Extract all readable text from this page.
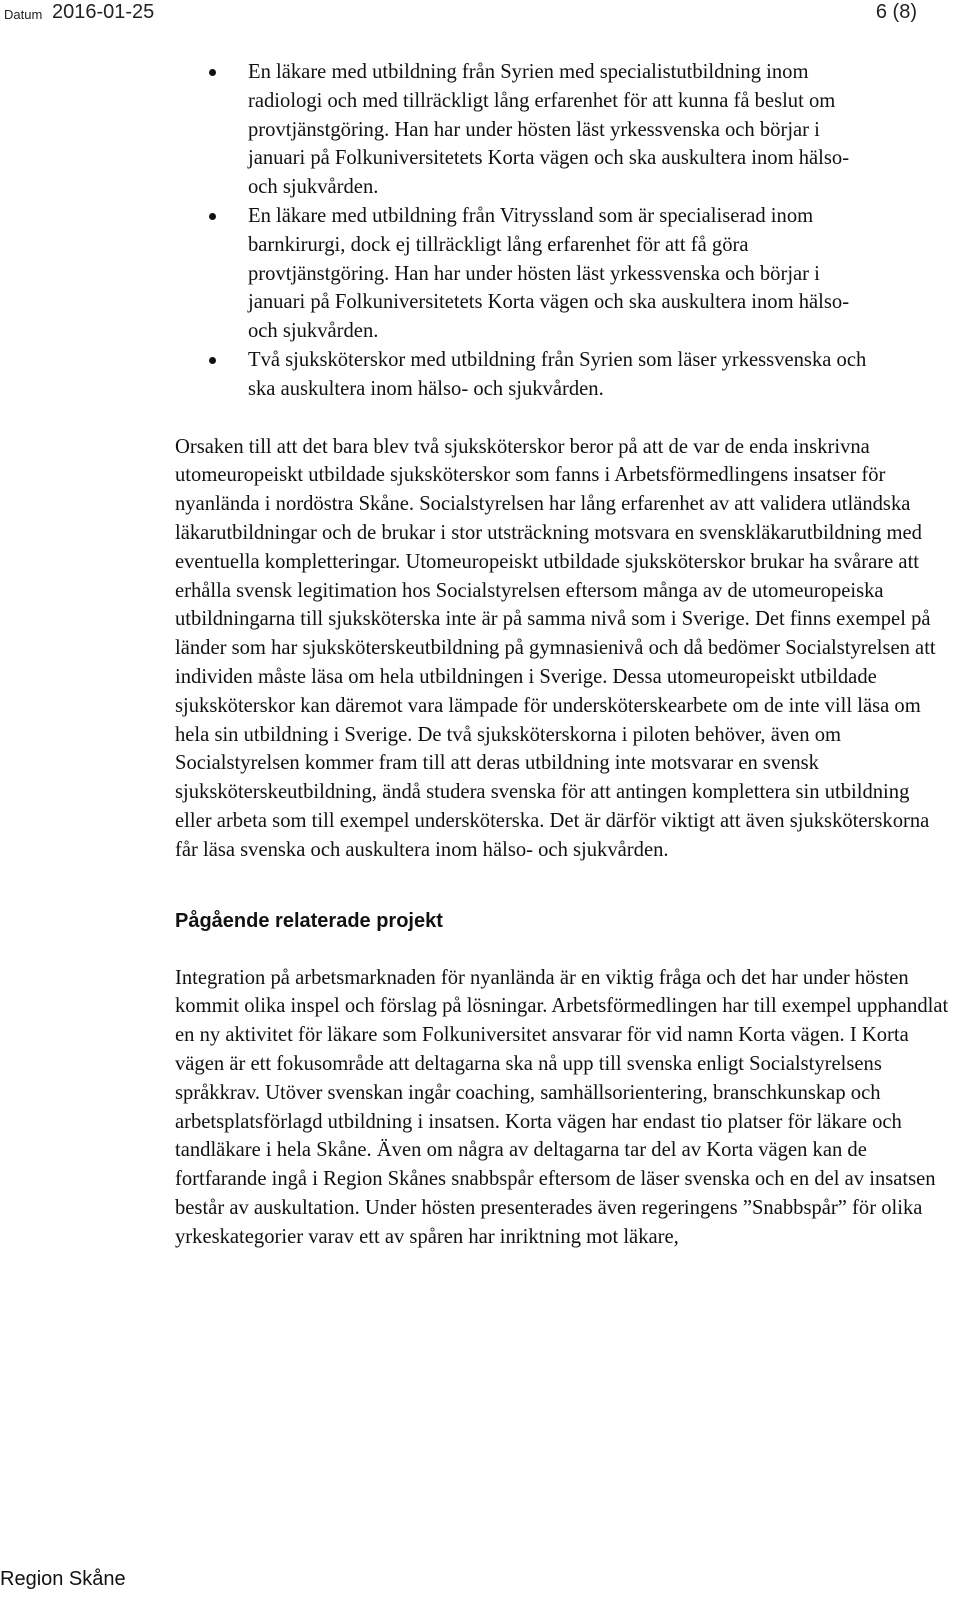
Datum 2016-01-25	6 (8)
En läkare med utbildning från Syrien med specialistutbildning inom radiologi och med tillräckligt lång erfarenhet för att kunna få beslut om provtjänstgöring. Han har under hösten läst yrkessvenska och börjar i januari på Folkuniversitetets Korta vägen och ska auskultera inom hälso- och sjukvården.
En läkare med utbildning från Vitryssland som är specialiserad inom barnkirurgi, dock ej tillräckligt lång erfarenhet för att få göra provtjänstgöring. Han har under hösten läst yrkessvenska och börjar i januari på Folkuniversitetets Korta vägen och ska auskultera inom hälso- och sjukvården.
Två sjuksköterskor med utbildning från Syrien som läser yrkessvenska och ska auskultera inom hälso- och sjukvården.

Orsaken till att det bara blev två sjuksköterskor beror på att de var de enda inskrivna utomeuropeiskt utbildade sjuksköterskor som fanns i Arbetsförmedlingens insatser för nyanlända i nordöstra Skåne. Socialstyrelsen har lång erfarenhet av att validera utländska läkarutbildningar och de brukar i stor utsträckning motsvara en svenskläkarutbildning med eventuella kompletteringar. Utomeuropeiskt utbildade sjuksköterskor brukar ha svårare att erhålla svensk legitimation hos Socialstyrelsen eftersom många av de utomeuropeiska utbildningarna till sjuksköterska inte är på samma nivå som i Sverige. Det finns exempel på länder som har sjuksköterskeutbildning på gymnasienivå och då bedömer Socialstyrelsen att individen måste läsa om hela utbildningen i Sverige. Dessa utomeuropeiskt utbildade sjuksköterskor kan däremot vara lämpade för undersköterskearbete om de inte vill läsa om hela sin utbildning i Sverige. De två sjuksköterskorna i piloten behöver, även om Socialstyrelsen kommer fram till att deras utbildning inte motsvarar en svensk sjuksköterskeutbildning, ändå studera svenska för att antingen komplettera sin utbildning eller arbeta som till exempel undersköterska. Det är därför viktigt att även sjuksköterskorna får läsa svenska och auskultera inom hälso- och sjukvården.

Pågående relaterade projekt

Integration på arbetsmarknaden för nyanlända är en viktig fråga och det har under hösten kommit olika inspel och förslag på lösningar. Arbetsförmedlingen har till exempel upphandlat en ny aktivitet för läkare som Folkuniversitet ansvarar för vid namn Korta vägen. I Korta vägen är ett fokusområde att deltagarna ska nå upp till svenska enligt Socialstyrelsens språkkrav. Utöver svenskan ingår coaching, samhällsorientering, branschkunskap och arbetsplatsförlagd utbildning i insatsen. Korta vägen har endast tio platser för läkare och tandläkare i hela Skåne. Även om några av deltagarna tar del av Korta vägen kan de fortfarande ingå i Region Skånes snabbspår eftersom de läser svenska och en del av insatsen består av auskultation. Under hösten presenterades även regeringens ”Snabbspår” för olika yrkeskategorier varav ett av spåren har inriktning mot läkare,

Region Skåne
